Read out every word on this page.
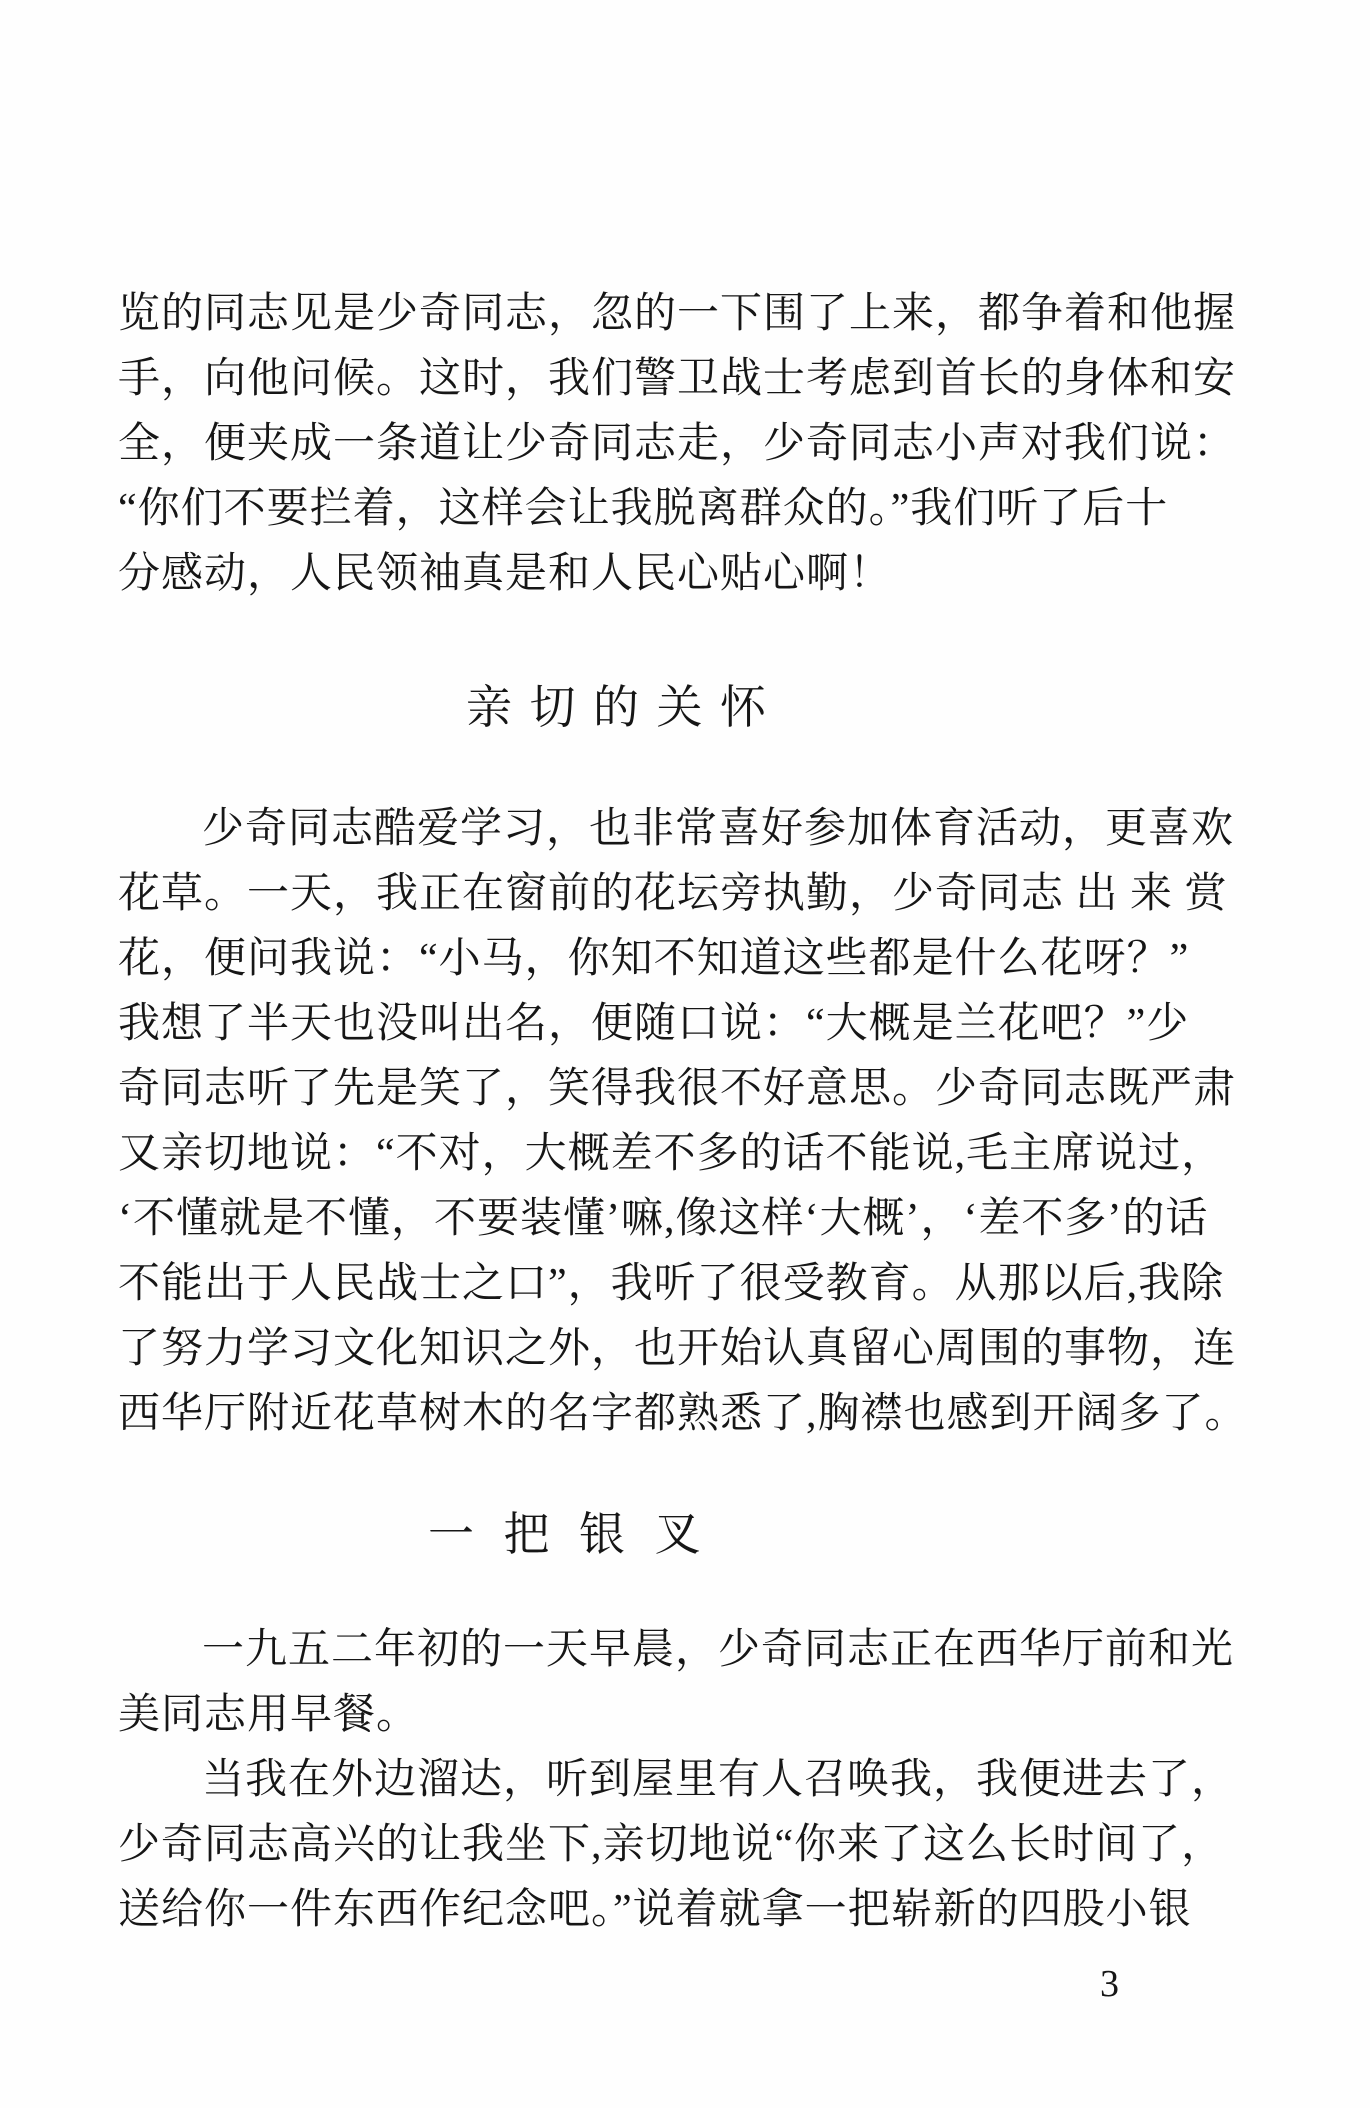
览的同志见是少奇同志，忽的一下围了上来，都争着和他握
手，向他问候。这时，我们警卫战士考虑到首长的身体和安
全，便夹成一条道让少奇同志走，少奇同志小声对我们说：
“你们不要拦着，这样会让我脱离群众的。”我们听了后十
分感动，人民领袖真是和人民心贴心啊！
亲 切 的 关 怀
少奇同志酷爱学习，也非常喜好参加体育活动，更喜欢
花草。一天，我正在窗前的花坛旁执勤，少奇同志 出 来 赏
花，便问我说：“小马，你知不知道这些都是什么花呀？”
我想了半天也没叫出名，便随口说：“大概是兰花吧？”少
奇同志听了先是笑了，笑得我很不好意思。少奇同志既严肃
又亲切地说：“不对，大概差不多的话不能说,毛主席说过，
‘不懂就是不懂，不要装懂’嘛,像这样‘大概’，‘差不多’的话
不能出于人民战士之口”，我听了很受教育。从那以后,我除
了努力学习文化知识之外，也开始认真留心周围的事物，连
西华厅附近花草树木的名字都熟悉了,胸襟也感到开阔多了。
一 把 银 叉
一九五二年初的一天早晨，少奇同志正在西华厅前和光
美同志用早餐。
当我在外边溜达，听到屋里有人召唤我，我便进去了，
少奇同志高兴的让我坐下,亲切地说“你来了这么长时间了，
送给你一件东西作纪念吧。”说着就拿一把崭新的四股小银
3
